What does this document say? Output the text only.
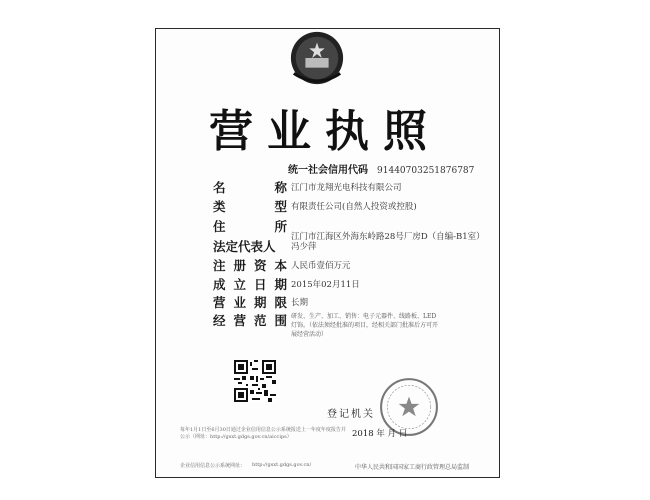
营业执照
统一社会信用代码 91440703251876787
名	称 江门市龙翔光电科技有限公司
类	型 有限责任公司(自然人投资或控股)
住	所
江门市江海区外海东岭路28号厂房D（自编-B1室）
法定代表人	冯少萍
注 册 资 本 人民币壹佰万元
成 立 日 期 2015年02月11日
营 业 期 限 长期
经 营 范 围 研发、生产、加工、销售：电子元器件、线路板、LED灯饰。（依法须经批准的项目，经相关部门批准后方可开展经营活动）
登记机关
2018 年 月 日
每年1月1日至6月30日通过企业信用信息公示系统报送上一年度年度报告并公示（网址：http://gsxt.gdgs.gov.cn/aiccips）
企业信用信息公示系统网址： http://gsxt.gdgs.gov.cn/	中华人民共和国国家工商行政管理总局监制
